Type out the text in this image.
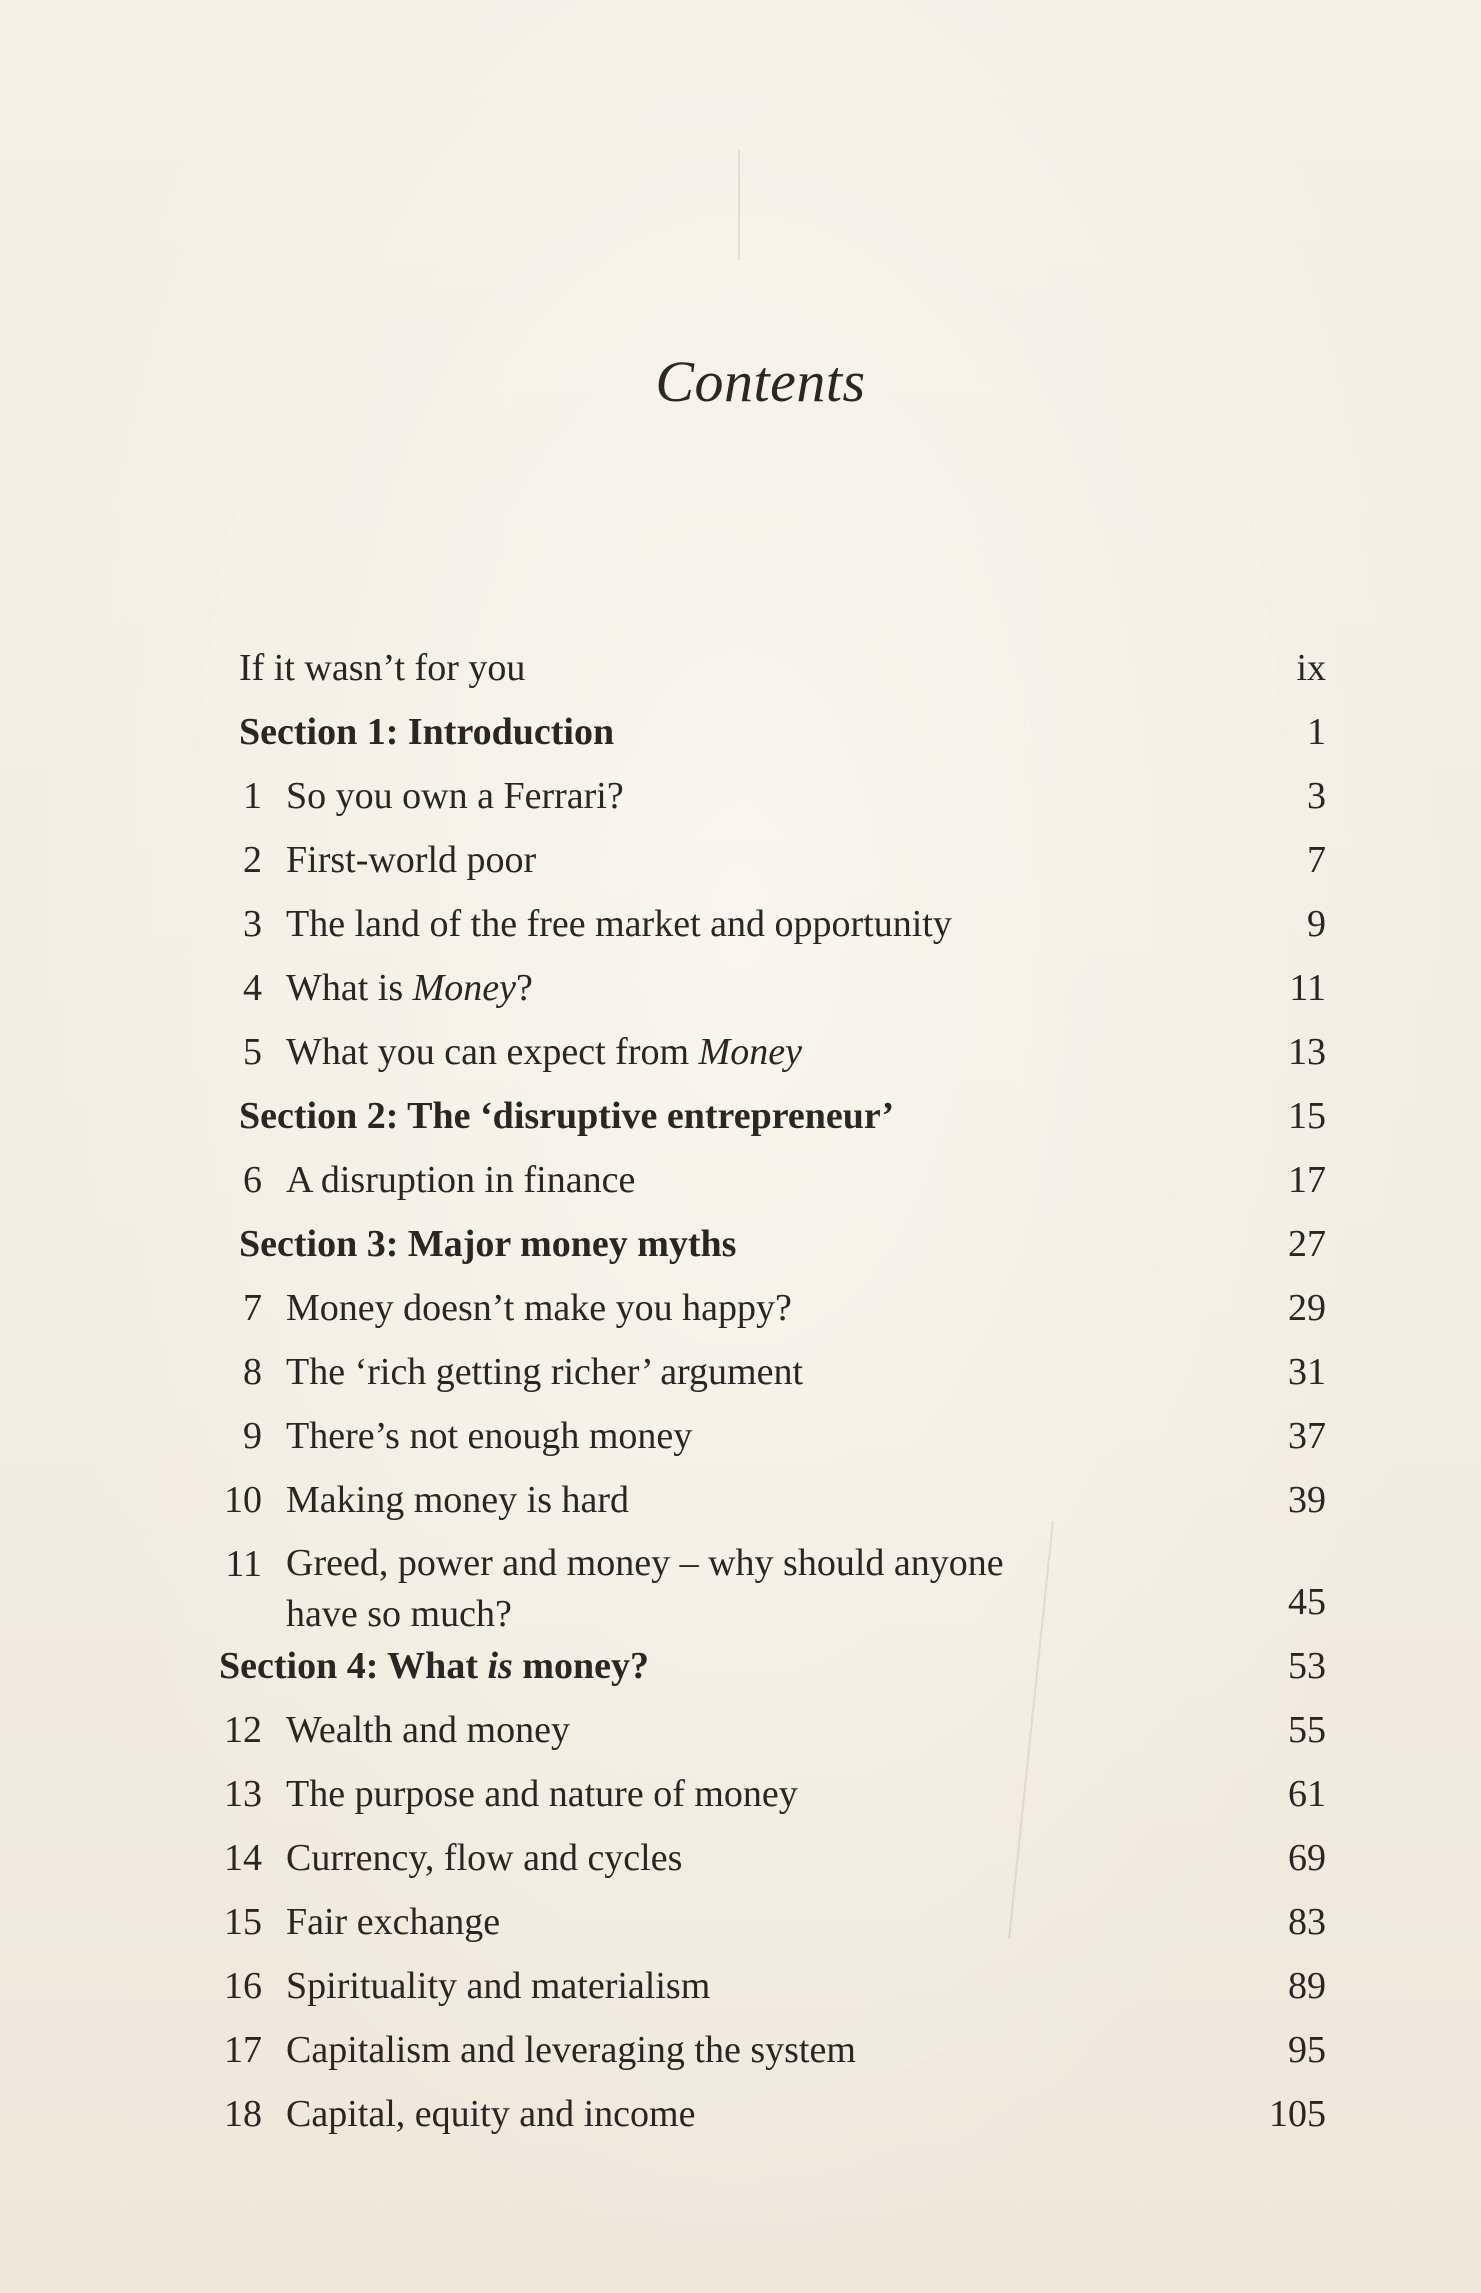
Contents
If it wasn’t for you	ix
Section 1: Introduction	1
1 So you own a Ferrari?	3
2 First-world poor	7
3 The land of the free market and opportunity	9
4 What is Money?	11
5 What you can expect from Money	13
Section 2: The ‘disruptive entrepreneur’	15
6 A disruption in finance	17
Section 3: Major money myths	27
7 Money doesn’t make you happy?	29
8 The ‘rich getting richer’ argument	31
9 There’s not enough money	37
10 Making money is hard	39
11 Greed, power and money – why should anyone have so much?	45
Section 4: What is money?	53
12 Wealth and money	55
13 The purpose and nature of money	61
14 Currency, flow and cycles	69
15 Fair exchange	83
16 Spirituality and materialism	89
17 Capitalism and leveraging the system	95
18 Capital, equity and income	105
